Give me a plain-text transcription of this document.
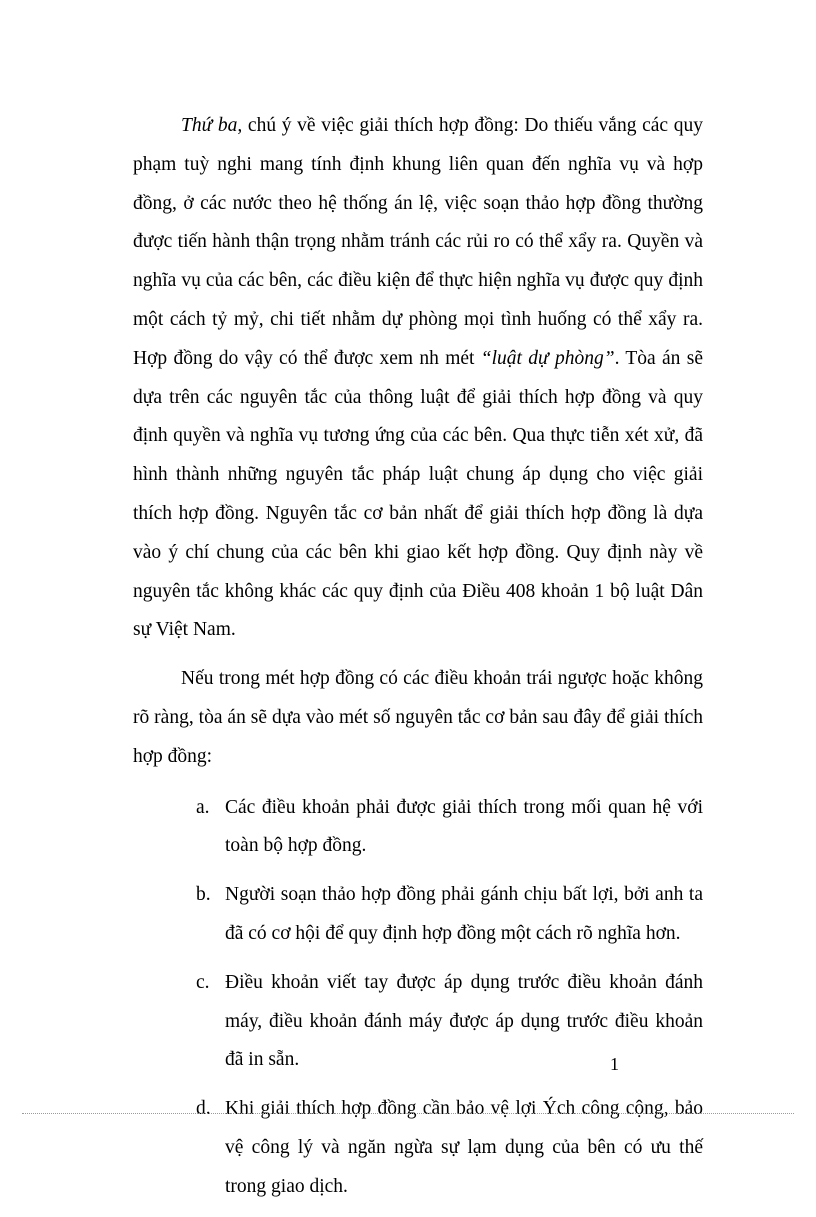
Thứ ba, chú ý về việc giải thích hợp đồng: Do thiếu vắng các quy phạm tuỳ nghi mang tính định khung liên quan đến nghĩa vụ và hợp đồng, ở các nước theo hệ thống án lệ, việc soạn thảo hợp đồng thường được tiến hành thận trọng nhằm tránh các rủi ro có thể xẩy ra. Quyền và nghĩa vụ của các bên, các điều kiện để thực hiện nghĩa vụ được quy định một cách tỷ mỷ, chi tiết nhằm dự phòng mọi tình huống có thể xẩy ra. Hợp đồng do vậy có thể được xem nh mét “luật dự phòng”. Tòa án sẽ dựa trên các nguyên tắc của thông luật để giải thích hợp đồng và quy định quyền và nghĩa vụ tương ứng của các bên. Qua thực tiễn xét xử, đã hình thành những nguyên tắc pháp luật chung áp dụng cho việc giải thích hợp đồng. Nguyên tắc cơ bản nhất để giải thích hợp đồng là dựa vào ý chí chung của các bên khi giao kết hợp đồng. Quy định này về nguyên tắc không khác các quy định của Điều 408 khoản 1 bộ luật Dân sự Việt Nam.

Nếu trong mét hợp đồng có các điều khoản trái ngược hoặc không rõ ràng, tòa án sẽ dựa vào mét số nguyên tắc cơ bản sau đây để giải thích hợp đồng:

a. Các điều khoản phải được giải thích trong mối quan hệ với toàn bộ hợp đồng.
b. Người soạn thảo hợp đồng phải gánh chịu bất lợi, bởi anh ta đã có cơ hội để quy định hợp đồng một cách rõ nghĩa hơn.
c. Điều khoản viết tay được áp dụng trước điều khoản đánh máy, điều khoản đánh máy được áp dụng trước điều khoản đã in sẵn.
d. Khi giải thích hợp đồng cần bảo vệ lợi Ých công cộng, bảo vệ công lý và ngăn ngừa sự lạm dụng của bên có ưu thế trong giao dịch.
1
